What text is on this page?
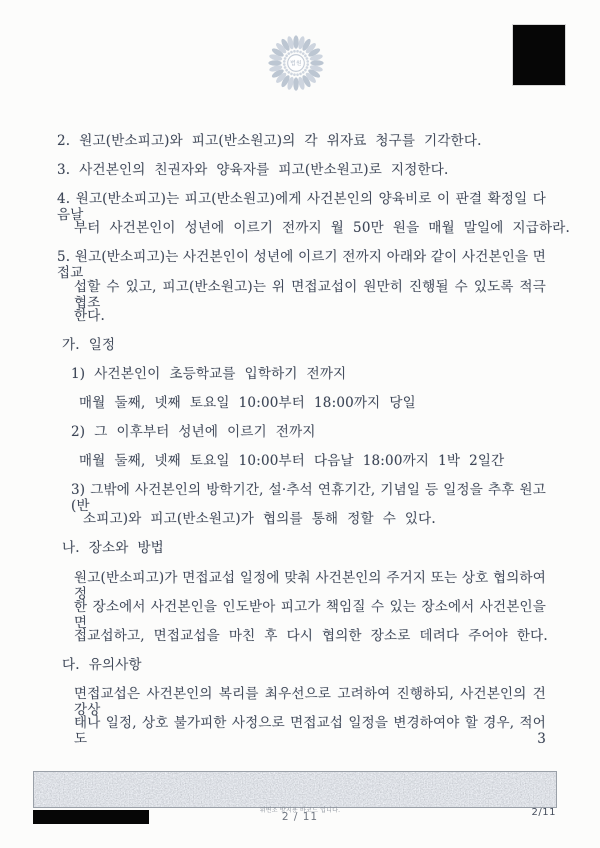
법원
2. 원고(반소피고)와 피고(반소원고)의 각 위자료 청구를 기각한다.
3. 사건본인의 친권자와 양육자를 피고(반소원고)로 지정한다.
4. 원고(반소피고)는 피고(반소원고)에게 사건본인의 양육비로 이 판결 확정일 다음날
부터 사건본인이 성년에 이르기 전까지 월 50만 원을 매월 말일에 지급하라.
5. 원고(반소피고)는 사건본인이 성년에 이르기 전까지 아래와 같이 사건본인을 면접교
섭할 수 있고, 피고(반소원고)는 위 면접교섭이 원만히 진행될 수 있도록 적극 협조
한다.
가. 일정
1) 사건본인이 초등학교를 입학하기 전까지
매월 둘째, 넷째 토요일 10:00부터 18:00까지 당일
2) 그 이후부터 성년에 이르기 전까지
매월 둘째, 넷째 토요일 10:00부터 다음날 18:00까지 1박 2일간
3) 그밖에 사건본인의 방학기간, 설·추석 연휴기간, 기념일 등 일정을 추후 원고(반
소피고)와 피고(반소원고)가 협의를 통해 정할 수 있다.
나. 장소와 방법
원고(반소피고)가 면접교섭 일정에 맞춰 사건본인의 주거지 또는 상호 협의하여 정
한 장소에서 사건본인을 인도받아 피고가 책임질 수 있는 장소에서 사건본인을 면
접교섭하고, 면접교섭을 마친 후 다시 협의한 장소로 데려다 주어야 한다.
다. 유의사항
면접교섭은 사건본인의 복리를 최우선으로 고려하여 진행하되, 사건본인의 건강상
태나 일정, 상호 불가피한 사정으로 면접교섭 일정을 변경하여야 할 경우, 적어도 3
위변조 방지용 바코드 입니다.
2 / 11	2/11
